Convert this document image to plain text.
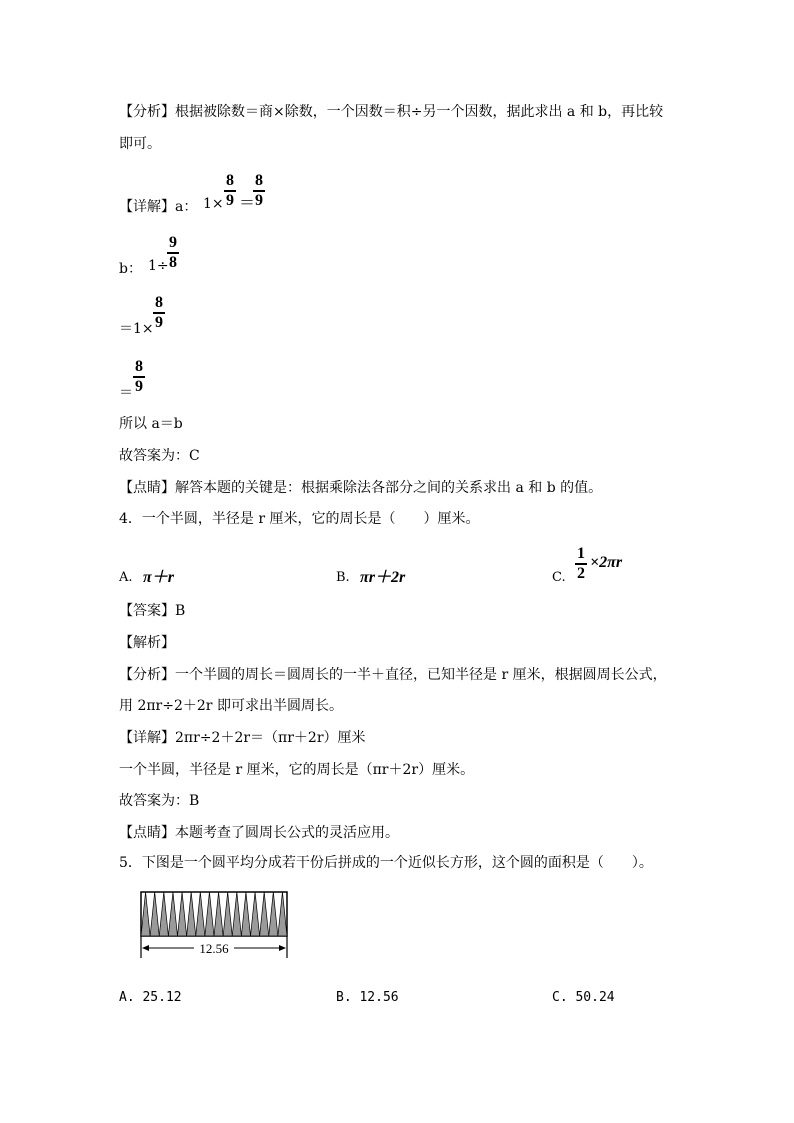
【分析】根据被除数＝商×除数，一个因数＝积÷另一个因数，据此求出 a 和 b，再比较
即可。
【详解】a： $1\times \frac{8}{9}$ ＝
$\frac{8}{9}$
b： 1÷
$\frac{9}{8}$
$=1\times \frac{8}{9}$
＝ $\frac{8}{9}$
所以 a＝b
故答案为：C
【点睛】解答本题的关键是：根据乘除法各部分之间的关系求出 a 和 b 的值。
4．一个半圆，半径是 r 厘米，它的周长是（　　）厘米。
A. π＋r	B. πr＋2r	C. $\frac{1}{2} \times 2\pi r$
【答案】B
【解析】
【分析】一个半圆的周长＝圆周长的一半＋直径，已知半径是 r 厘米，根据圆周长公式，
用 2πr÷2＋2r 即可求出半圆周长。
【详解】2πr÷2＋2r＝（πr＋2r）厘米
一个半圆，半径是 r 厘米，它的周长是（πr＋2r）厘米。
故答案为：B
【点睛】本题考查了圆周长公式的灵活应用。
5．下图是一个圆平均分成若干份后拼成的一个近似长方形，这个圆的面积是（　　）。
12.56
A. 25.12	B. 12.56	C. 50.24
